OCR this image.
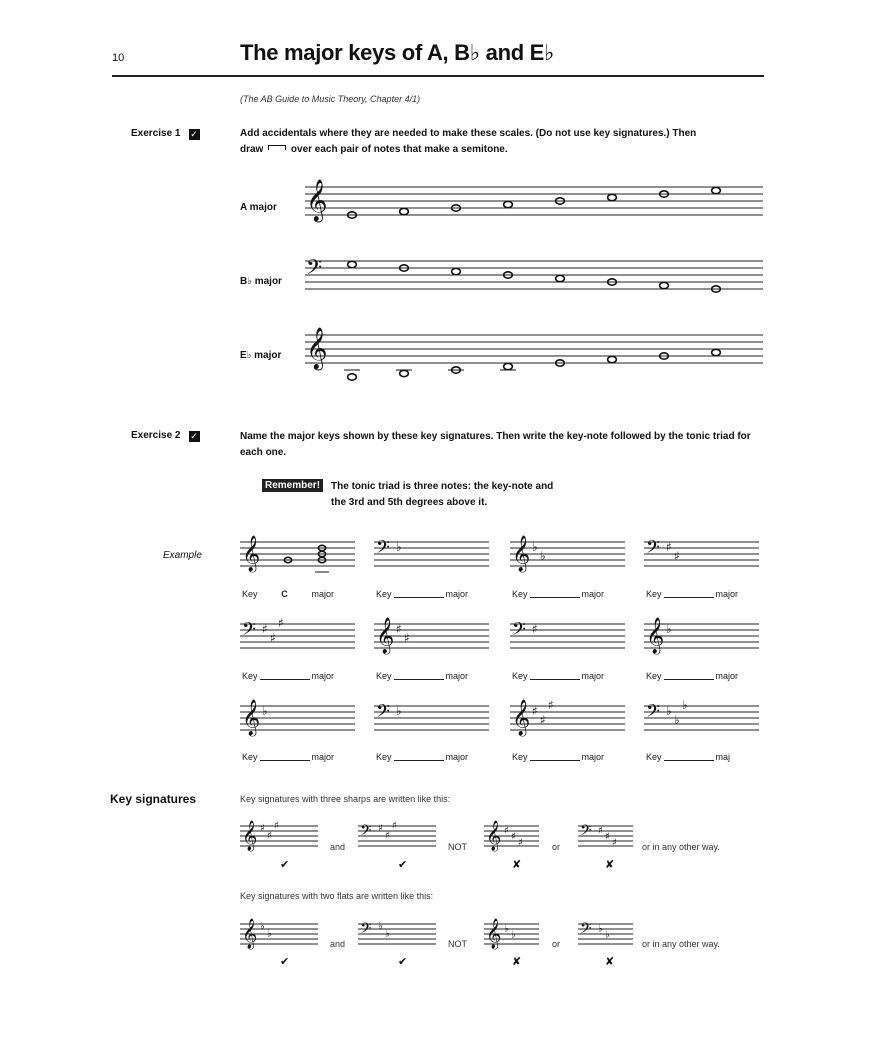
10	The major keys of A, B♭ and E♭
(The AB Guide to Music Theory, Chapter 4/1)
Exercise 1 ✓	Add accidentals where they are needed to make these scales. (Do not use key signatures.) Then
draw	over each pair of notes that make a semitone.
A major
B♭ major
E♭ major
𝄞
𝄢
𝄞
Exercise 2 ✓	Name the major keys shown by these key signatures. Then write the key-note followed by the tonic triad for each one.
Remember!	The tonic triad is three notes: the key-note and
the 3rd and 5th degrees above it.
Example 𝄞	𝄢 ♭	𝄞 ♭
♭	𝄢 ♯
♯
𝄢 ♯
♯
♯	𝄞 ♯
♯	𝄢 ♯	𝄞 ♭
𝄞 ♭	𝄢 ♭	𝄞 ♯
♯
♯	𝄢 ♭
♭
♭
Key	C	major	Key	major	Key	major	Key	major
Key	major	Key	major	Key	major	Key	major
Key	major	Key	major	Key	major	Key	maj
Key signatures	Key signatures with three sharps are written like this:
Key signatures with two flats are written like this:
𝄞 ♯
♯
♯	𝄢 ♯
♯
♯	𝄞 ♯
♯
♯	𝄢 ♯
♯
♯
𝄞 ♭
♭	𝄢 ♭
♭	𝄞 ♭
♭	𝄢 ♭
♭
and	NOT	or	or in any other way.
✔	✔	✘	✘
and	NOT	or	or in any other way.
✔	✔	✘	✘
